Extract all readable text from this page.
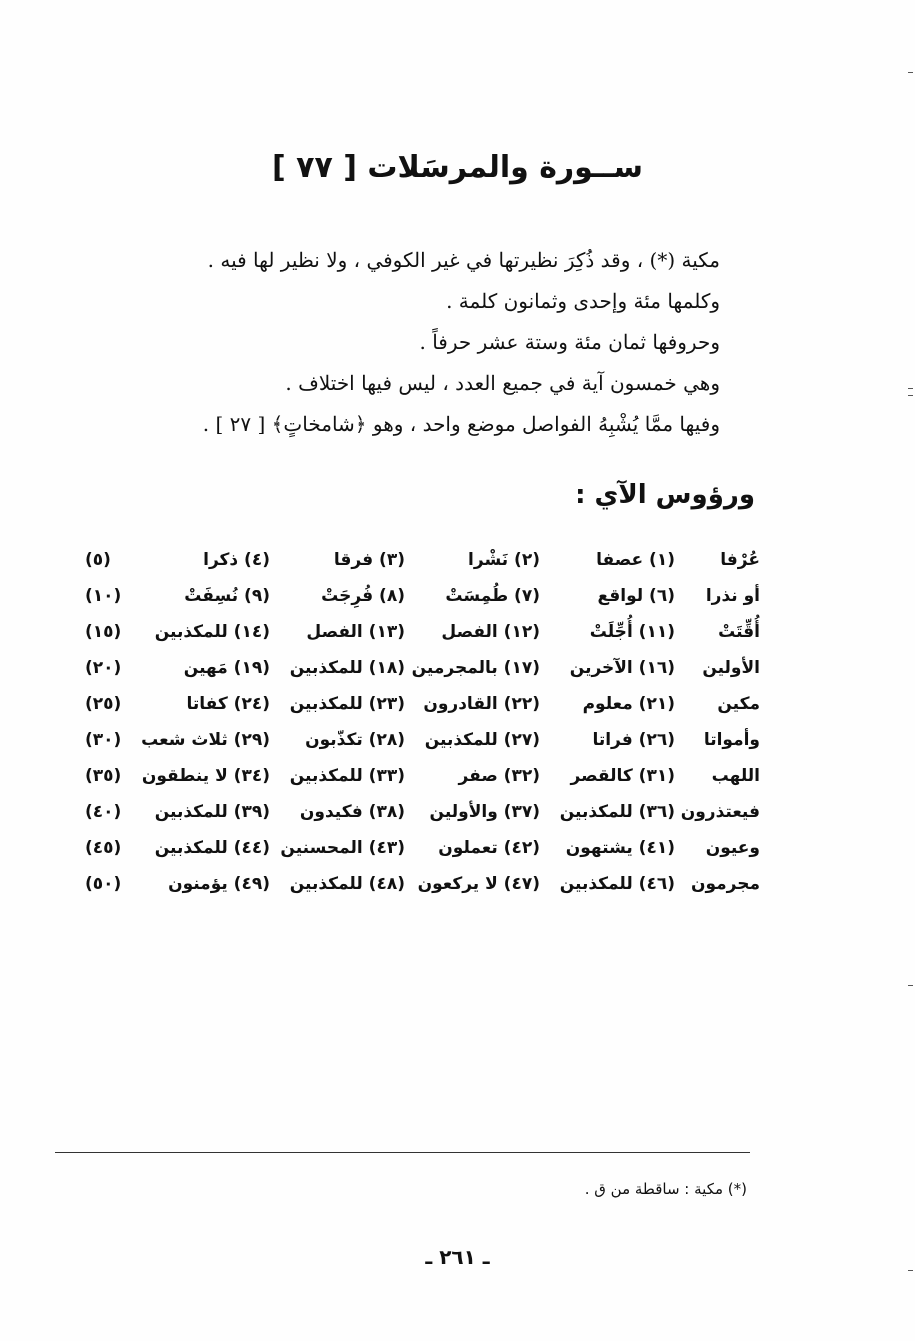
ســورة والمرسَلات [ ٧٧ ]
مكية (*) ، وقد ذُكِرَ نظيرتها في غير الكوفي ، ولا نظير لها فيه .
وكلمها مئة وإحدى وثمانون كلمة .
وحروفها ثمان مئة وستة عشر حرفاً .
وهي خمسون آية في جميع العدد ، ليس فيها اختلاف .
وفيها ممَّا يُشْبِهُ الفواصل موضع واحد ، وهو ﴿شامخاتٍ﴾ [ ٢٧ ] .
ورؤوس الآي :
عُرْفا
(١) عصفا
(٢) نَشْرا
(٣) فرقا
(٤) ذكرا
(٥)
أو نذرا
(٦) لواقع
(٧) طُمِسَتْ
(٨) فُرِجَتْ
(٩) نُسِفَتْ
(١٠)
أُقِّتَتْ
(١١) أُجِّلَتْ
(١٢) الفصل
(١٣) الفصل
(١٤) للمكذبين
(١٥)
الأولين
(١٦) الآخرين
(١٧) بالمجرمين
(١٨) للمكذبين
(١٩) مَهين
(٢٠)
مكين
(٢١) معلوم
(٢٢) القادرون
(٢٣) للمكذبين
(٢٤) كفاتا
(٢٥)
وأمواتا
(٢٦) فراتا
(٢٧) للمكذبين
(٢٨) تكذّبون
(٢٩) ثلاث شعب
(٣٠)
اللهب
(٣١) كالقصر
(٣٢) صفر
(٣٣) للمكذبين
(٣٤) لا ينطقون
(٣٥)
فيعتذرون
(٣٦) للمكذبين
(٣٧) والأولين
(٣٨) فكيدون
(٣٩) للمكذبين
(٤٠)
وعيون
(٤١) يشتهون
(٤٢) تعملون
(٤٣) المحسنين
(٤٤) للمكذبين
(٤٥)
مجرمون
(٤٦) للمكذبين
(٤٧) لا يركعون
(٤٨) للمكذبين
(٤٩) يؤمنون
(٥٠)
(*) مكية : ساقطة من ق .
ـ ٢٦١ ـ
